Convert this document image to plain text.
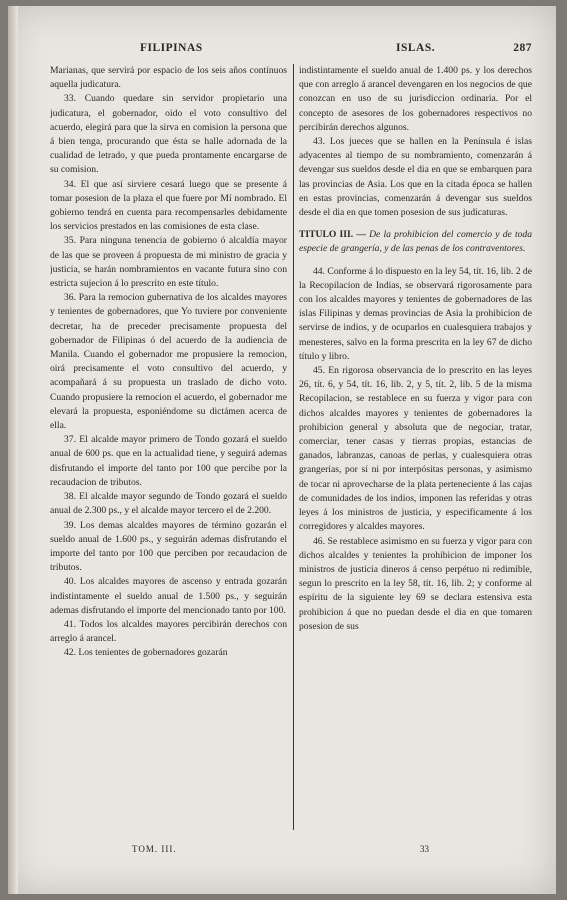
FILIPINAS	ISLAS.	287

Marianas, que servirá por espacio de los seis años contínuos aquella judicatura.

33. Cuando quedare sin servidor propietario una judicatura, el gobernador, oido el voto consultivo del acuerdo, elegirá para que la sirva en comision la persona que á bien tenga, procurando que ésta se halle adornada de la cualidad de letrado, y que pueda prontamente encargarse de su comision.

34. El que así sirviere cesará luego que se presente á tomar posesion de la plaza el que fuere por Mí nombrado. El gobierno tendrá en cuenta para recompensarles debidamente los servicios prestados en las comisiones de esta clase.

35. Para ninguna tenencia de gobierno ó alcaldía mayor de las que se proveen á propuesta de mi ministro de gracia y justicia, se harán nombramientos en vacante futura sino con estricta sujecion á lo prescrito en este título.

36. Para la remocion gubernativa de los alcaldes mayores y tenientes de gobernadores, que Yo tuviere por conveniente decretar, ha de preceder precisamente propuesta del gobernador de Filipinas ó del acuerdo de la audiencia de Manila. Cuando el gobernador me propusiere la remocion, oirá precisamente el voto consultivo del acuerdo, y acompañará á su propuesta un traslado de dicho voto. Cuando propusiere la remocion el acuerdo, el gobernador me elevará la propuesta, esponiéndome su dictámen acerca de ella.

37. El alcalde mayor primero de Tondo gozará el sueldo anual de 600 ps. que en la actualidad tiene, y seguirá ademas disfrutando el importe del tanto por 100 que percibe por la recaudacion de tributos.

38. El alcalde mayor segundo de Tondo gozará el sueldo anual de 2.300 ps., y el alcalde mayor tercero el de 2.200.

39. Los demas alcaldes mayores de término gozarán el sueldo anual de 1.600 ps., y seguirán ademas disfrutando el importe del tanto por 100 que perciben por recaudacion de tributos.

40. Los alcaldes mayores de ascenso y entrada gozarán indistintamente el sueldo anual de 1.500 ps., y seguirán ademas disfrutando el importe del mencionado tanto por 100.

41. Todos los alcaldes mayores percibirán derechos con arreglo á arancel.

42. Los tenientes de gobernadores gozarán

indistintamente el sueldo anual de 1.400 ps. y los derechos que con arreglo á arancel devengaren en los negocios de que conozcan en uso de su jurisdiccion ordinaria. Por el concepto de asesores de los gobernadores respectivos no percibirán derechos algunos.

43. Los jueces que se hallen en la Península é islas adyacentes al tiempo de su nombramiento, comenzarán á devengar sus sueldos desde el dia en que se embarquen para las provincias de Asia. Los que en la citada época se hallen en estas provincias, comenzarán á devengar sus sueldos desde el dia en que tomen posesion de sus judicaturas.

TITULO III. — De la prohibicion del comercio y de toda especie de grangería, y de las penas de los contraventores.

44. Conforme á lo dispuesto en la ley 54, tít. 16, lib. 2 de la Recopilacion de Indias, se observará rigorosamente para con los alcaldes mayores y tenientes de gobernadores de las islas Filipinas y demas provincias de Asia la prohibicion de servirse de indios, y de ocuparlos en cualesquiera trabajos y menesteres, salvo en la forma prescrita en la ley 67 de dicho título y libro.

45. En rigorosa observancia de lo prescrito en las leyes 26, tít. 6, y 54, tít. 16, lib. 2, y 5, tít. 2, lib. 5 de la misma Recopilacion, se restablece en su fuerza y vigor para con dichos alcaldes mayores y tenientes de gobernadores la prohibicion general y absoluta que de negociar, tratar, comerciar, tener casas y tierras propias, estancias de ganados, labranzas, canoas de perlas, y cualesquiera otras grangerías, por sí ni por interpósitas personas, y asimismo de tocar ni aprovecharse de la plata perteneciente á las cajas de comunidades de los indios, imponen las referidas y otras leyes á los ministros de justicia, y especificamente á los corregidores y alcaldes mayores.

46. Se restablece asimismo en su fuerza y vigor para con dichos alcaldes y tenientes la prohibicion de imponer los ministros de justicia dineros á censo perpétuo ni redimible, segun lo prescrito en la ley 58, tít. 16, lib. 2; y conforme al espíritu de la siguiente ley 69 se declara estensiva esta prohibicion á que no puedan desde el dia en que tomaren posesion de sus

TOM. III.	33
